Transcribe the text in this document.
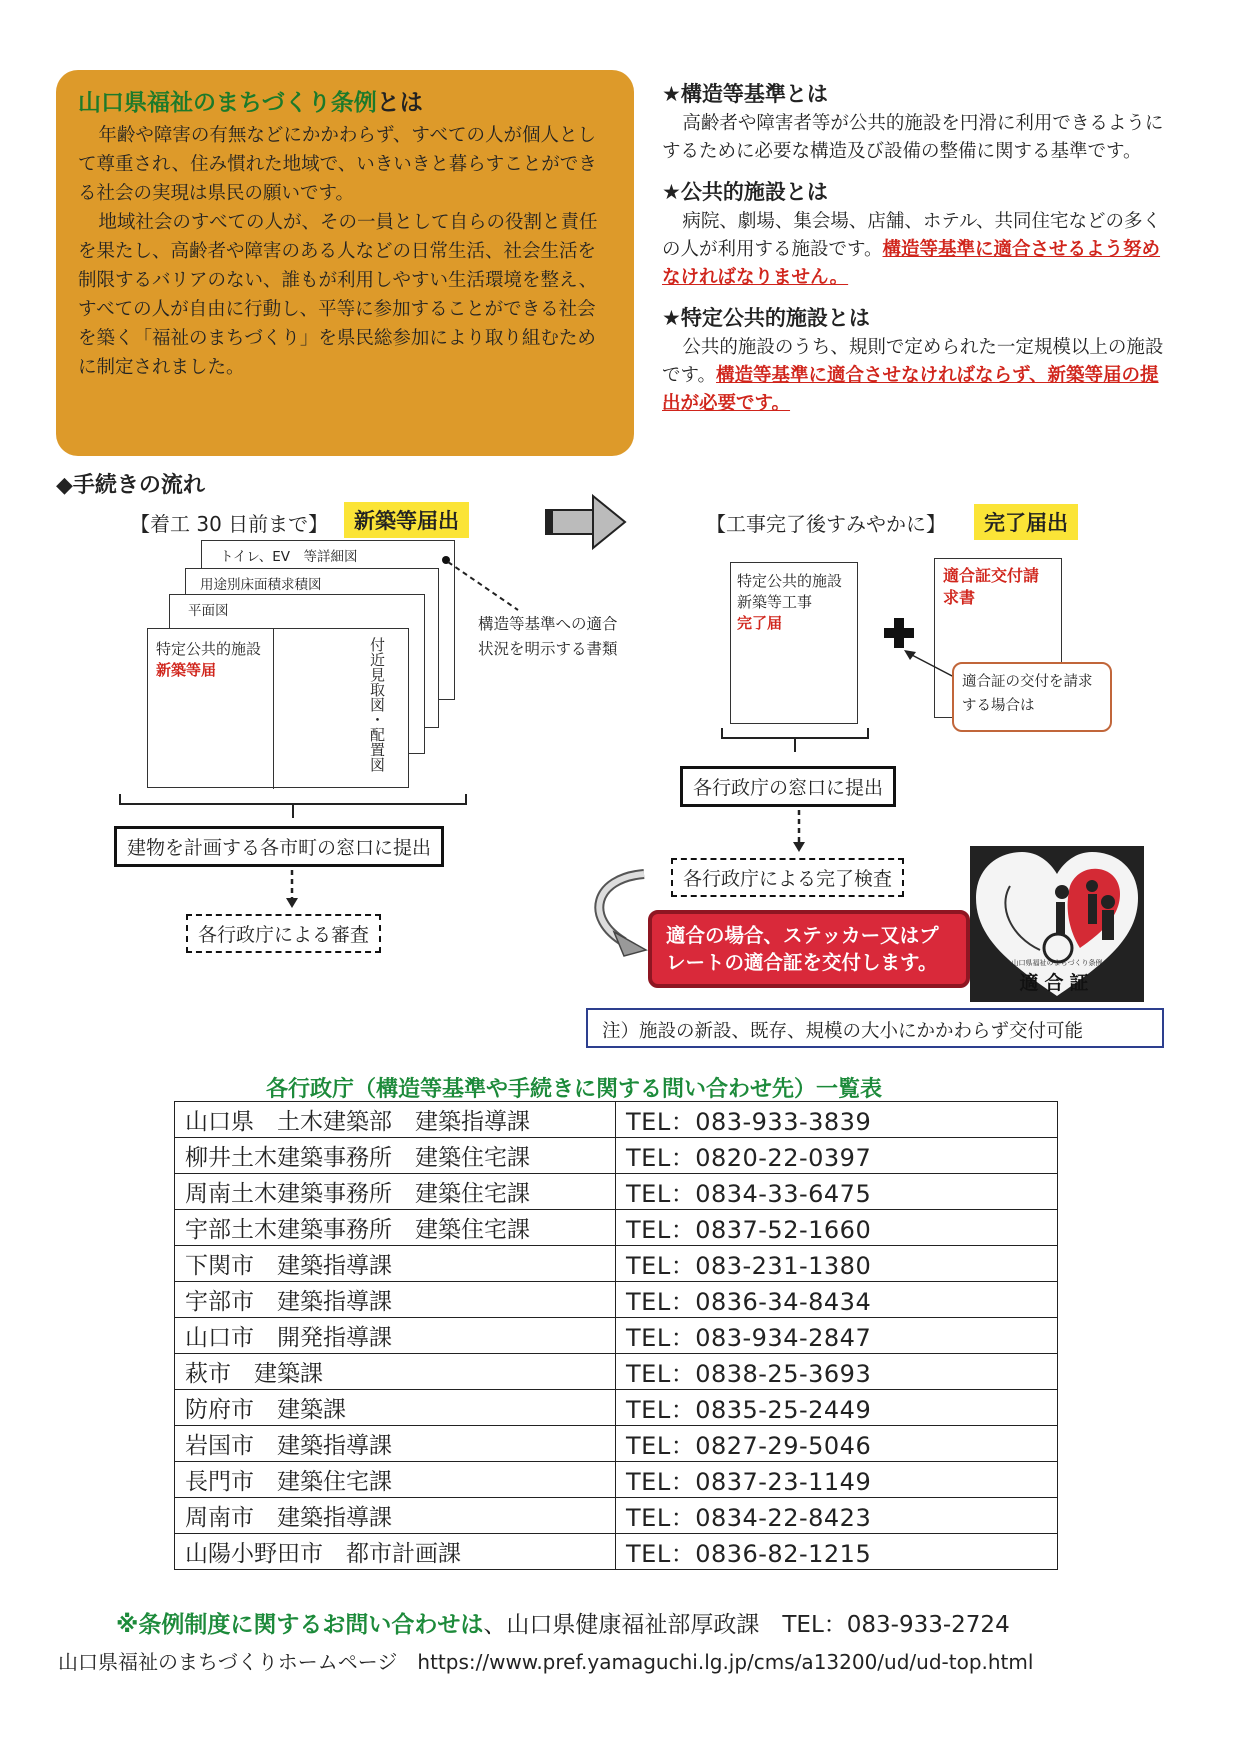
山口県福祉のまちづくり条例とは

年齢や障害の有無などにかかわらず、すべての人が個人として尊重され、住み慣れた地域で、いきいきと暮らすことができる社会の実現は県民の願いです。

地域社会のすべての人が、その一員として自らの役割と責任を果たし、高齢者や障害のある人などの日常生活、社会生活を制限するバリアのない、誰もが利用しやすい生活環境を整え、すべての人が自由に行動し、平等に参加することができる社会を築く「福祉のまちづくり」を県民総参加により取り組むために制定されました。

★構造等基準とは
高齢者や障害者等が公共的施設を円滑に利用できるようにするために必要な構造及び設備の整備に関する基準です。
★公共的施設とは
病院、劇場、集会場、店舗、ホテル、共同住宅などの多くの人が利用する施設です。構造等基準に適合させるよう努めなければなりません。
★特定公共的施設とは
公共的施設のうち、規則で定められた一定規模以上の施設です。構造等基準に適合させなければならず、新築等届の提出が必要です。
◆手続きの流れ
【着工 30 日前まで】	新築等届出
トイレ、EV　等詳細図
用途別床面積求積図
平面図
特定公共的施設新築等届	付近見取図・配置図
構造等基準への適合状況を明示する書類
建物を計画する各市町の窓口に提出
各行政庁による審査
【工事完了後すみやかに】	完了届出
特定公共的施設新築等工事
完了届
適合証交付請求書
適合証の交付を請求する場合は
各行政庁の窓口に提出
各行政庁による完了検査
適合の場合、ステッカー又はプレートの適合証を交付します。	山口県福祉のまちづくり条例
適合証
注）施設の新設、既存、規模の大小にかかわらず交付可能
各行政庁（構造等基準や手続きに関する問い合わせ先）一覧表
山口県　土木建築部　建築指導課	TEL：083-933-3839
柳井土木建築事務所　建築住宅課	TEL：0820-22-0397
周南土木建築事務所　建築住宅課	TEL：0834-33-6475
宇部土木建築事務所　建築住宅課	TEL：0837-52-1660
下関市　建築指導課	TEL：083-231-1380
宇部市　建築指導課	TEL：0836-34-8434
山口市　開発指導課	TEL：083-934-2847
萩市　建築課	TEL：0838-25-3693
防府市　建築課	TEL：0835-25-2449
岩国市　建築指導課	TEL：0827-29-5046
長門市　建築住宅課	TEL：0837-23-1149
周南市　建築指導課	TEL：0834-22-8423
山陽小野田市　都市計画課	TEL：0836-82-1215
※条例制度に関するお問い合わせは、山口県健康福祉部厚政課　TEL：083-933-2724
山口県福祉のまちづくりホームページ　https://www.pref.yamaguchi.lg.jp/cms/a13200/ud/ud-top.html
